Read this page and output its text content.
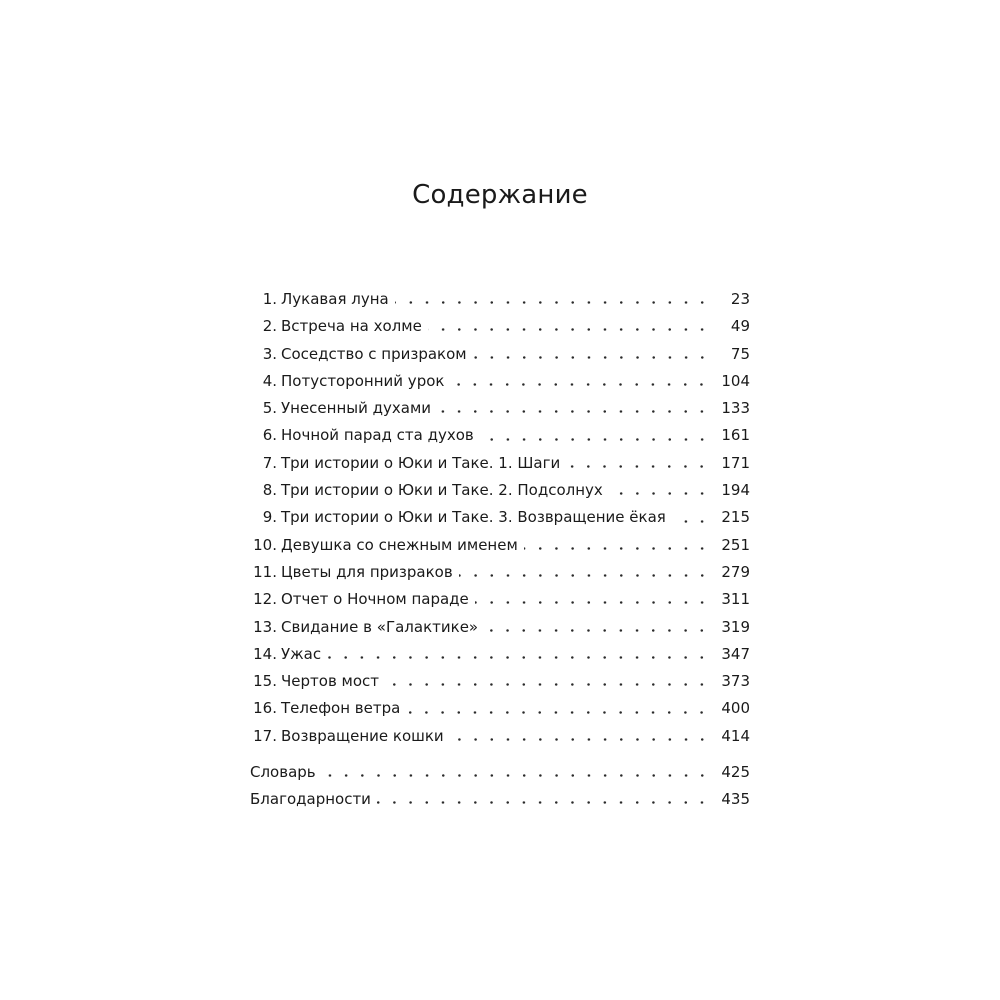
Содержание
1. Лукавая луна	23
2. Встреча на холме	49
3. Соседство с призраком	75
4. Потусторонний урок	104
5. Унесенный духами	133
6. Ночной парад ста духов	161
7. Три истории о Юки и Таке. 1. Шаги	171
8. Три истории о Юки и Таке. 2. Подсолнух	194
9. Три истории о Юки и Таке. 3. Возвращение ёкая	215
10. Девушка со снежным именем	251
11. Цветы для призраков	279
12. Отчет о Ночном параде	311
13. Свидание в «Галактике»	319
14. Ужас	347
15. Чертов мост	373
16. Телефон ветра	400
17. Возвращение кошки	414
Словарь	425
Благодарности	435
